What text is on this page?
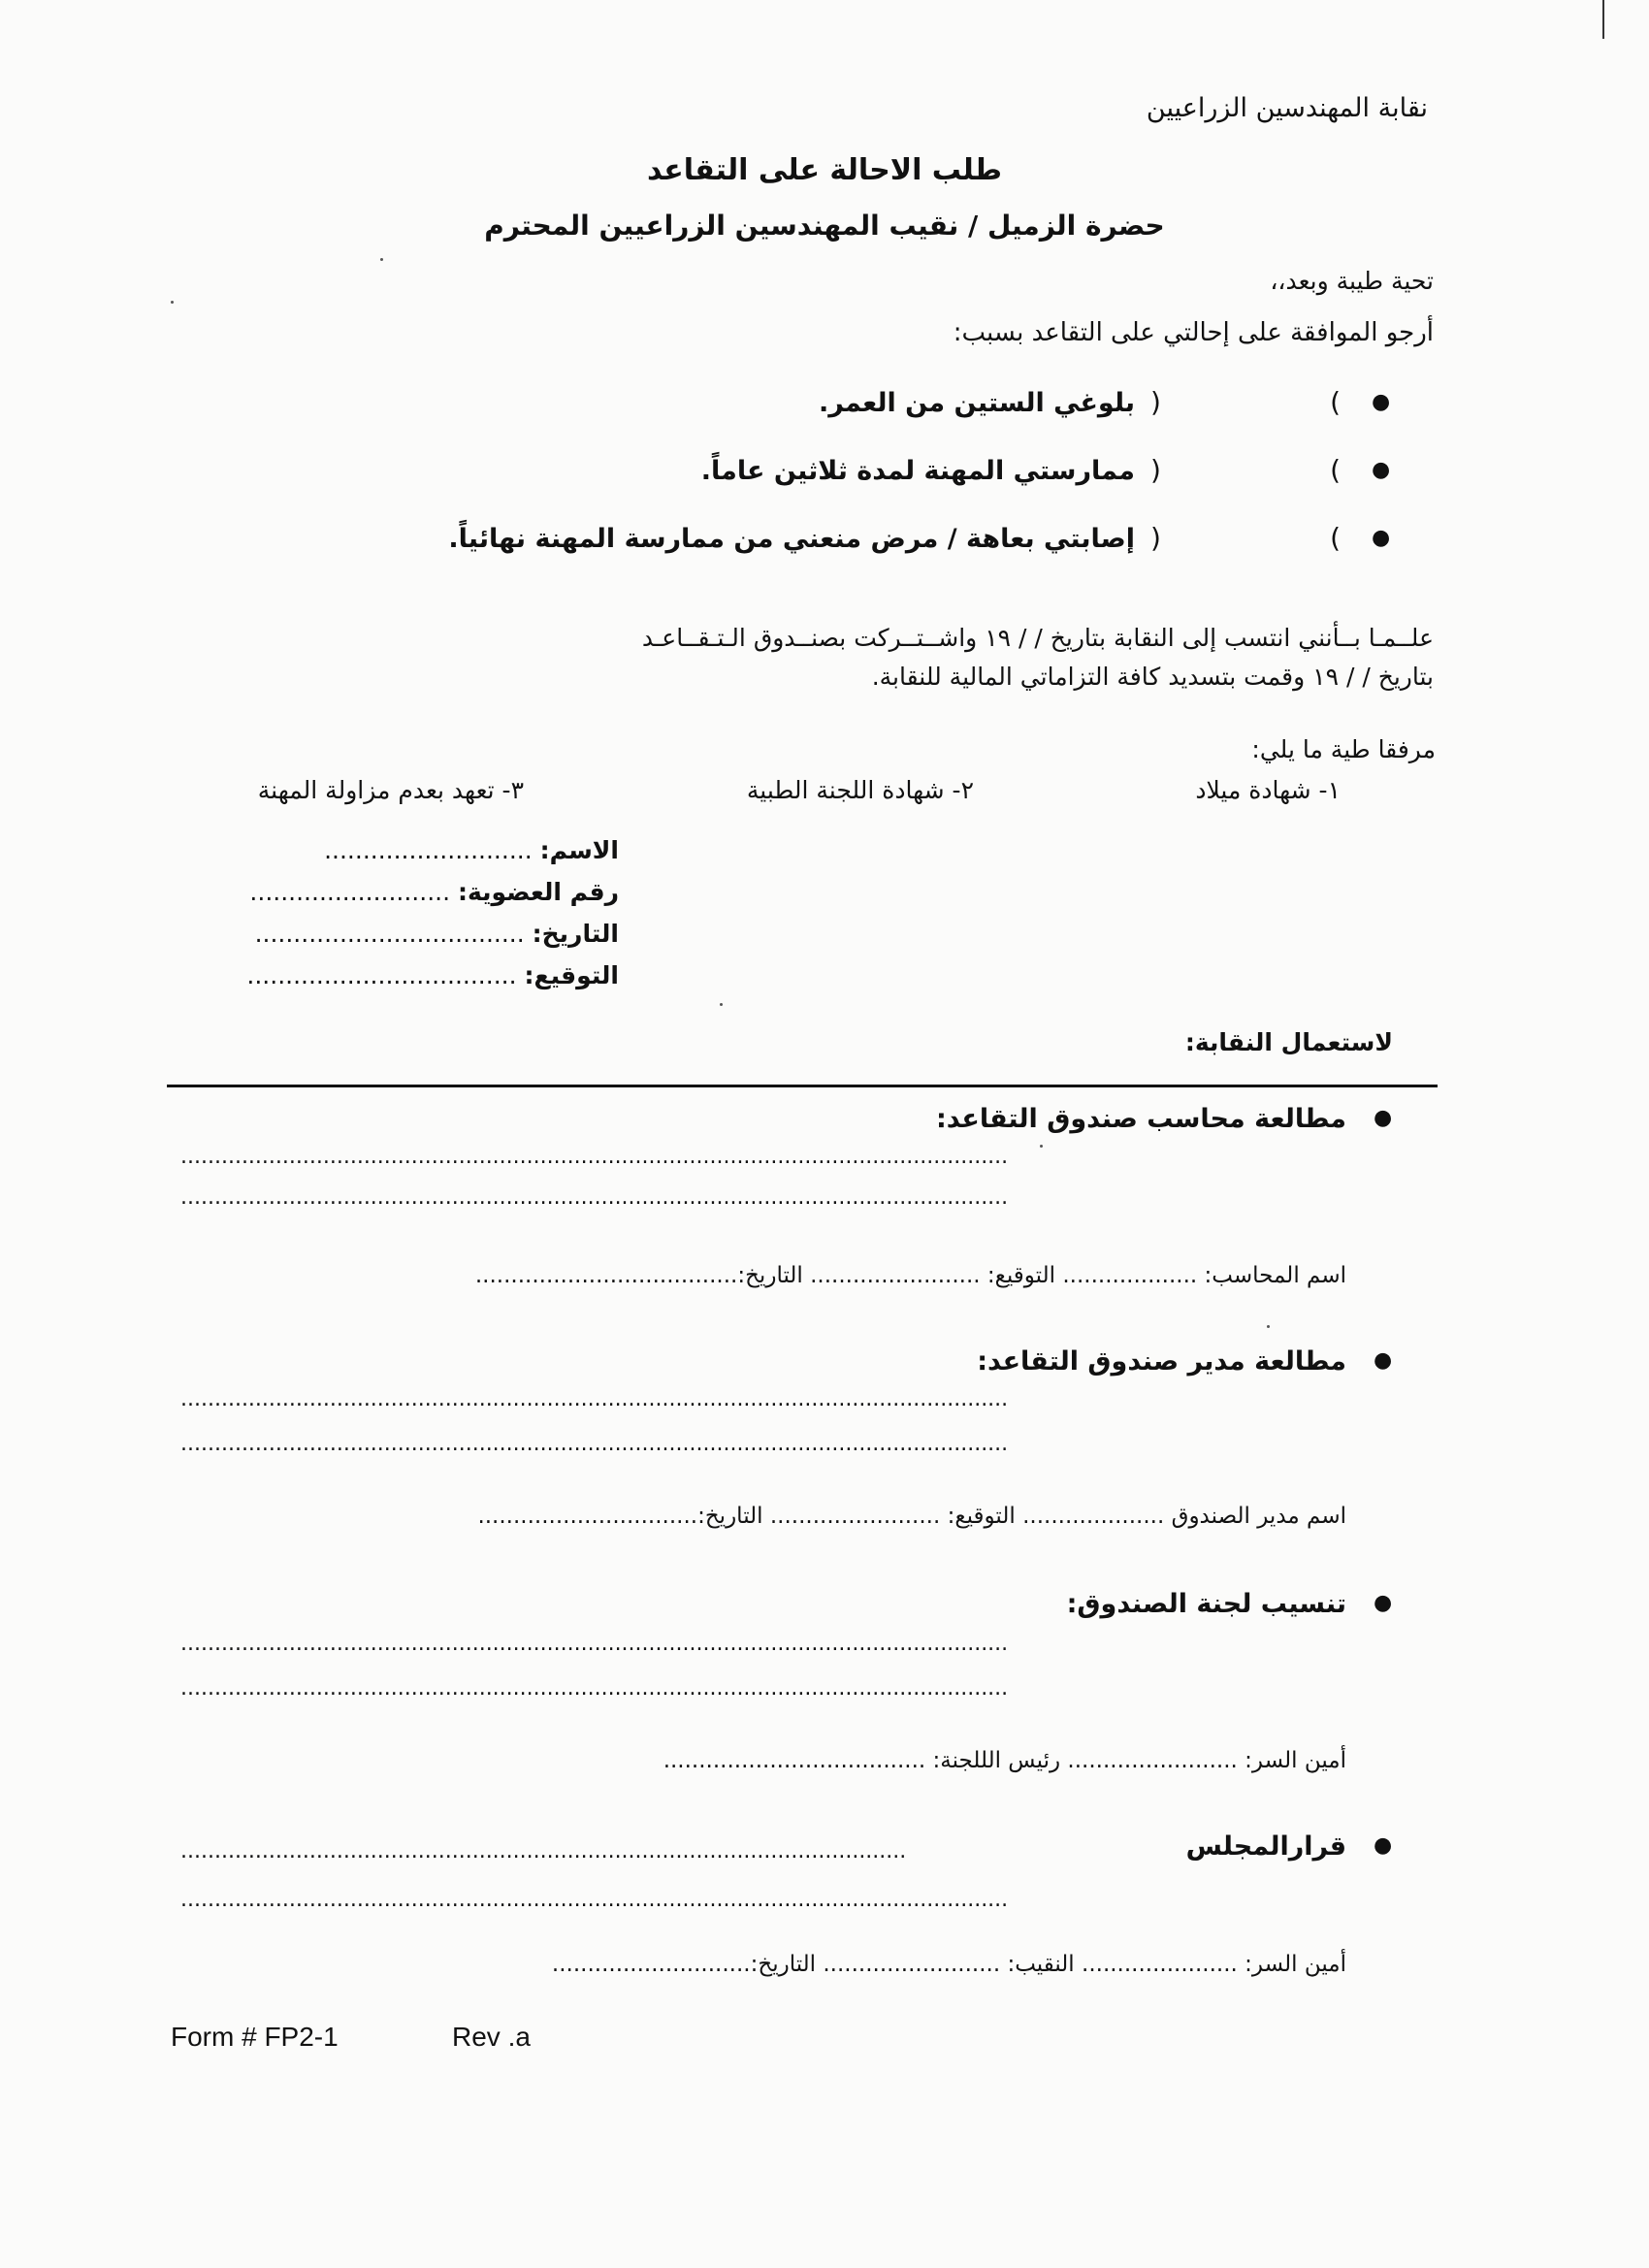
نقابة المهندسين الزراعيين
طلب الاحالة على التقاعد
حضرة الزميل / نقيب المهندسين الزراعيين المحترم
تحية طيبة وبعد،،
أرجو الموافقة على إحالتي على التقاعد بسبب:
●
)	(
بلوغي الستين من العمر.
●
)	(
ممارستي المهنة لمدة ثلاثين عاماً.
●
)	(
إصابتي بعاهة / مرض منعني من ممارسة المهنة نهائياً.
علــمـا بــأنني انتسب إلى النقابة بتاريخ / / ١٩ واشــتــركت بصنــدوق الـتـقــاعـد
بتاريخ / / ١٩ وقمت بتسديد كافة التزاماتي المالية للنقابة.
مرفقا طية ما يلي:
١- شهادة ميلاد
٢- شهادة اللجنة الطبية
٣- تعهد بعدم مزاولة المهنة
الاسم: ...........................
رقم العضوية: ..........................
التاريخ: ...................................
التوقيع: ...................................
لاستعمال النقابة:
●
مطالعة محاسب صندوق التقاعد:
..........................................................................................................................
..........................................................................................................................
اسم المحاسب: ................... التوقيع: ........................ التاريخ:.....................................
●
مطالعة مدير صندوق التقاعد:
..........................................................................................................................
..........................................................................................................................
اسم مدير الصندوق .................... التوقيع: ........................ التاريخ:...............................
●
تنسيب لجنة الصندوق:
..........................................................................................................................
..........................................................................................................................
أمين السر: ........................ رئيس الللجنة: .....................................
●
قرارالمجلس
...........................................................................................................
..........................................................................................................................
أمين السر: ...................... النقيب: ......................... التاريخ:............................
Form # FP2-1	Rev .a
